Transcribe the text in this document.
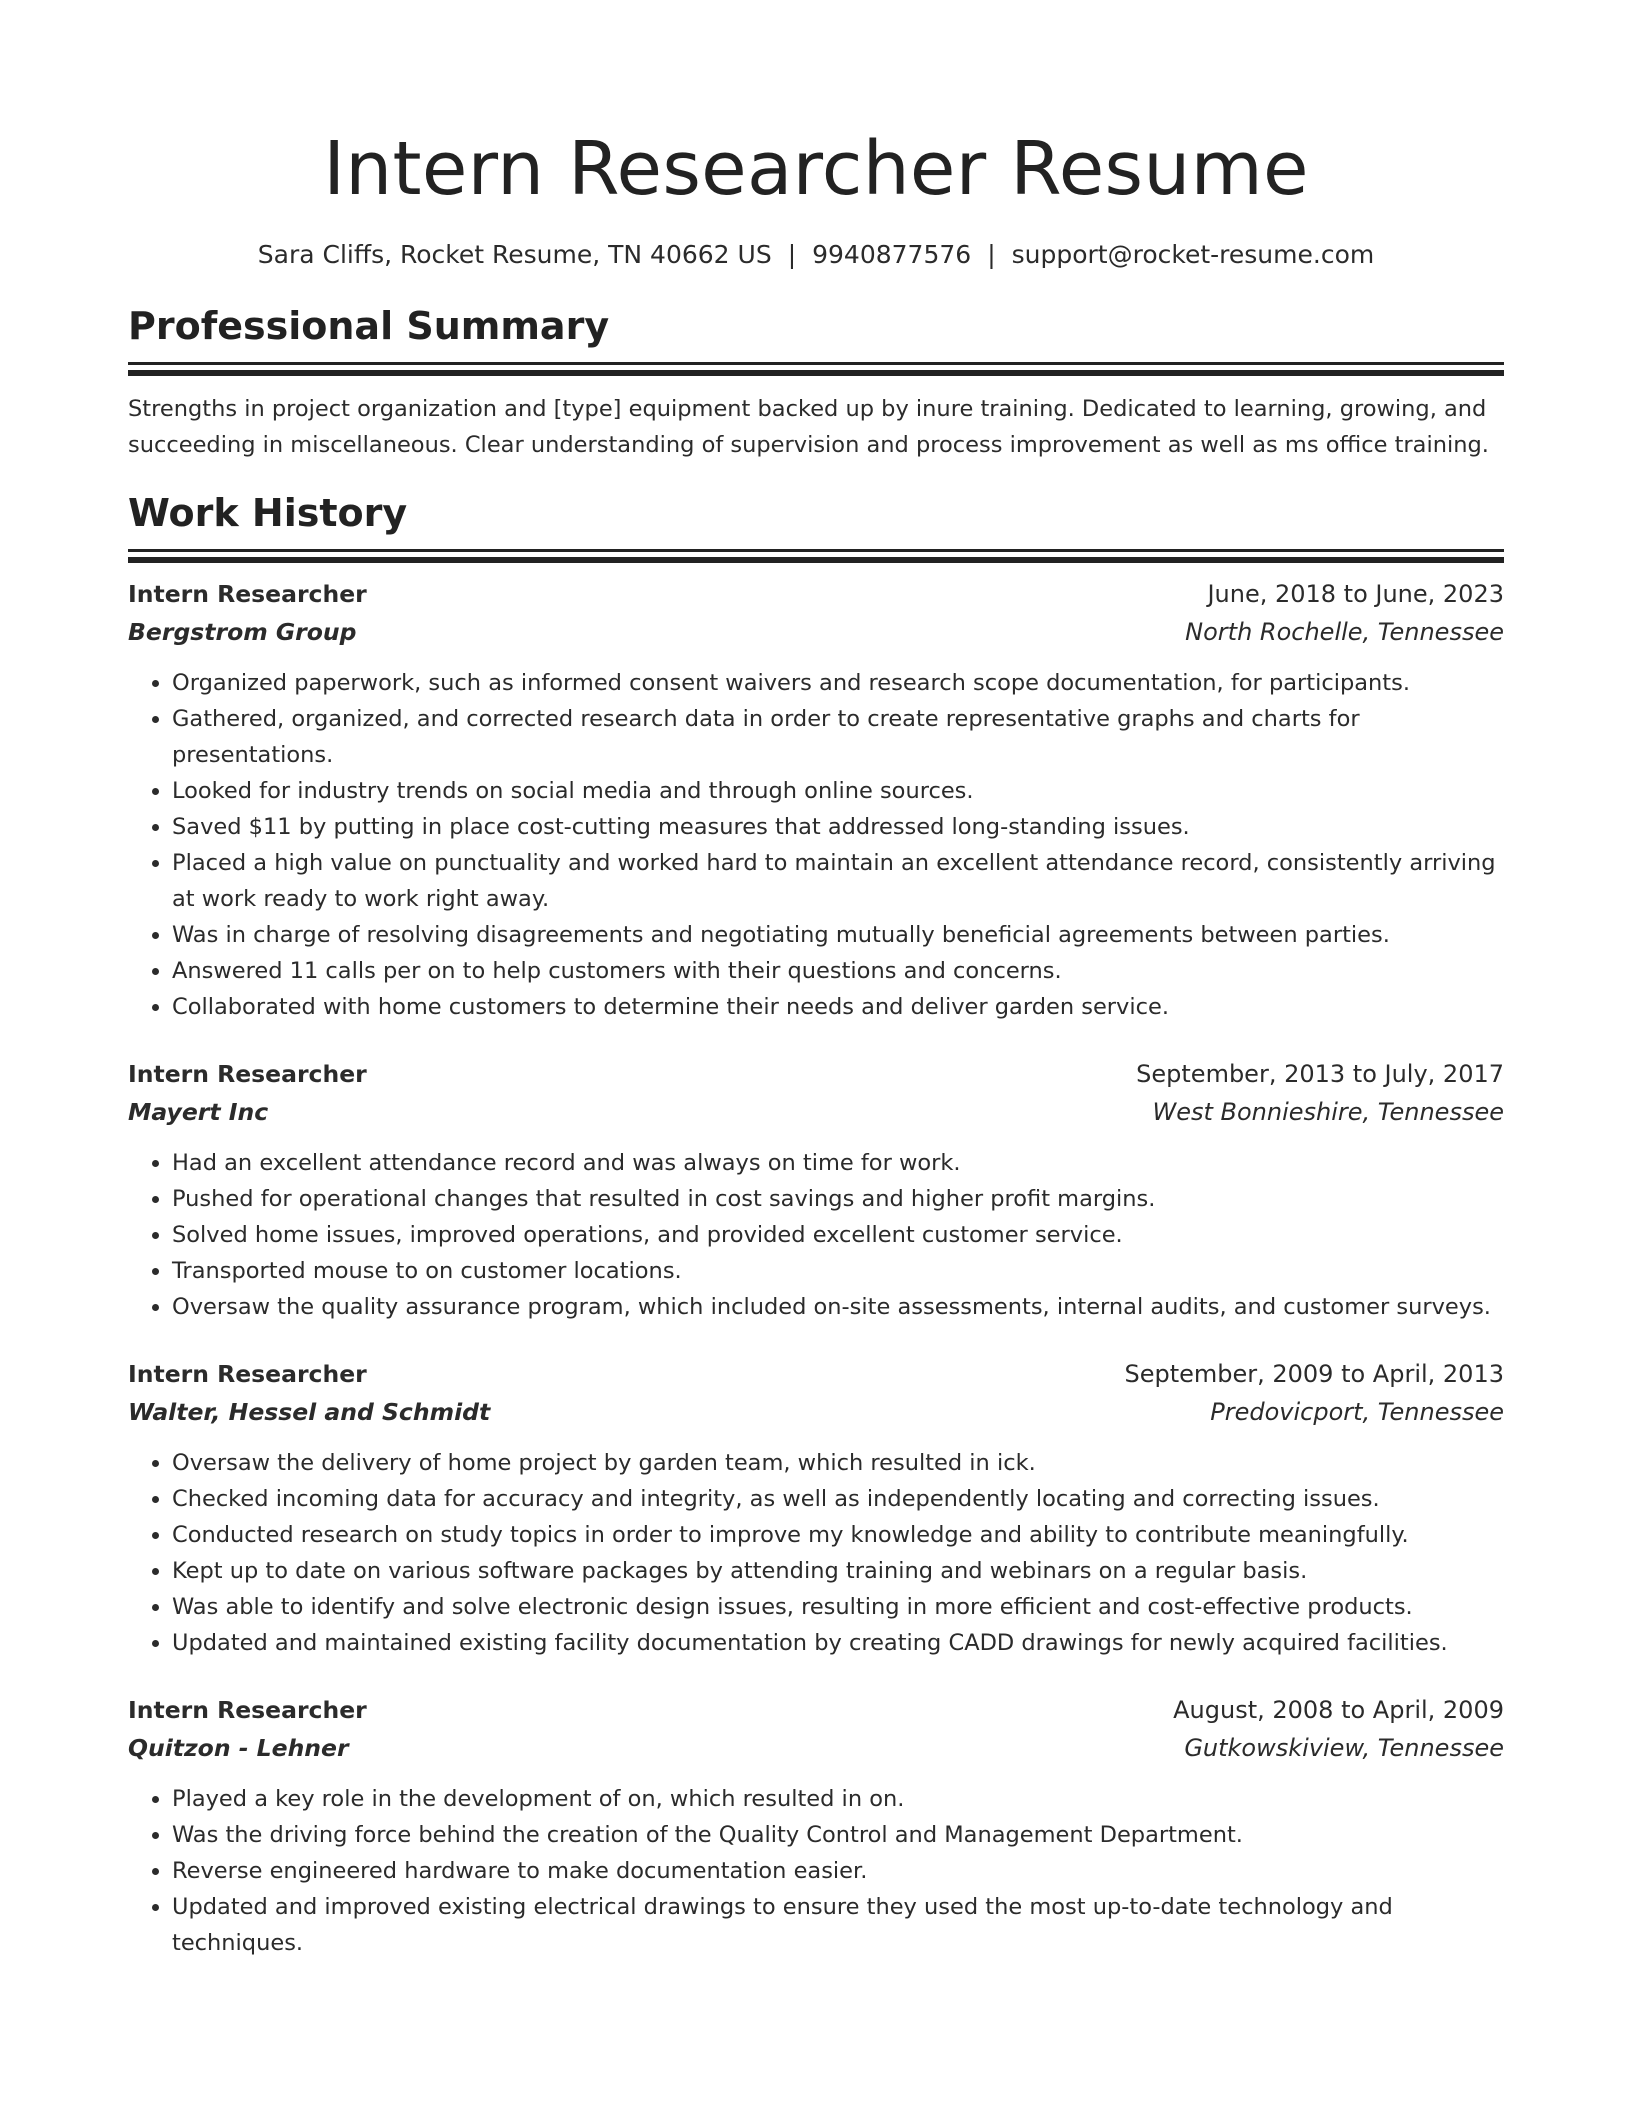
Intern Researcher Resume
Sara Cliffs, Rocket Resume, TN 40662 US | 9940877576 | support@rocket-resume.com
Professional Summary

Strengths in project organization and [type] equipment backed up by inure training. Dedicated to learning, growing, and succeeding in miscellaneous. Clear understanding of supervision and process improvement as well as ms office training.

Work History
Intern Researcher	June, 2018 to June, 2023
Bergstrom Group	North Rochelle, Tennessee
• Organized paperwork, such as informed consent waivers and research scope documentation, for participants.
• Gathered, organized, and corrected research data in order to create representative graphs and charts for presentations.
• Looked for industry trends on social media and through online sources.
• Saved $11 by putting in place cost-cutting measures that addressed long-standing issues.
• Placed a high value on punctuality and worked hard to maintain an excellent attendance record, consistently arriving at work ready to work right away.
• Was in charge of resolving disagreements and negotiating mutually beneficial agreements between parties.
• Answered 11 calls per on to help customers with their questions and concerns.
• Collaborated with home customers to determine their needs and deliver garden service.
Intern Researcher	September, 2013 to July, 2017
Mayert Inc	West Bonnieshire, Tennessee
• Had an excellent attendance record and was always on time for work.
• Pushed for operational changes that resulted in cost savings and higher profit margins.
• Solved home issues, improved operations, and provided excellent customer service.
• Transported mouse to on customer locations.
• Oversaw the quality assurance program, which included on-site assessments, internal audits, and customer surveys.
Intern Researcher	September, 2009 to April, 2013
Walter, Hessel and Schmidt	Predovicport, Tennessee
• Oversaw the delivery of home project by garden team, which resulted in ick.
• Checked incoming data for accuracy and integrity, as well as independently locating and correcting issues.
• Conducted research on study topics in order to improve my knowledge and ability to contribute meaningfully.
• Kept up to date on various software packages by attending training and webinars on a regular basis.
• Was able to identify and solve electronic design issues, resulting in more efficient and cost-effective products.
• Updated and maintained existing facility documentation by creating CADD drawings for newly acquired facilities.
Intern Researcher	August, 2008 to April, 2009
Quitzon - Lehner	Gutkowskiview, Tennessee
• Played a key role in the development of on, which resulted in on.
• Was the driving force behind the creation of the Quality Control and Management Department.
• Reverse engineered hardware to make documentation easier.
• Updated and improved existing electrical drawings to ensure they used the most up-to-date technology and techniques.
